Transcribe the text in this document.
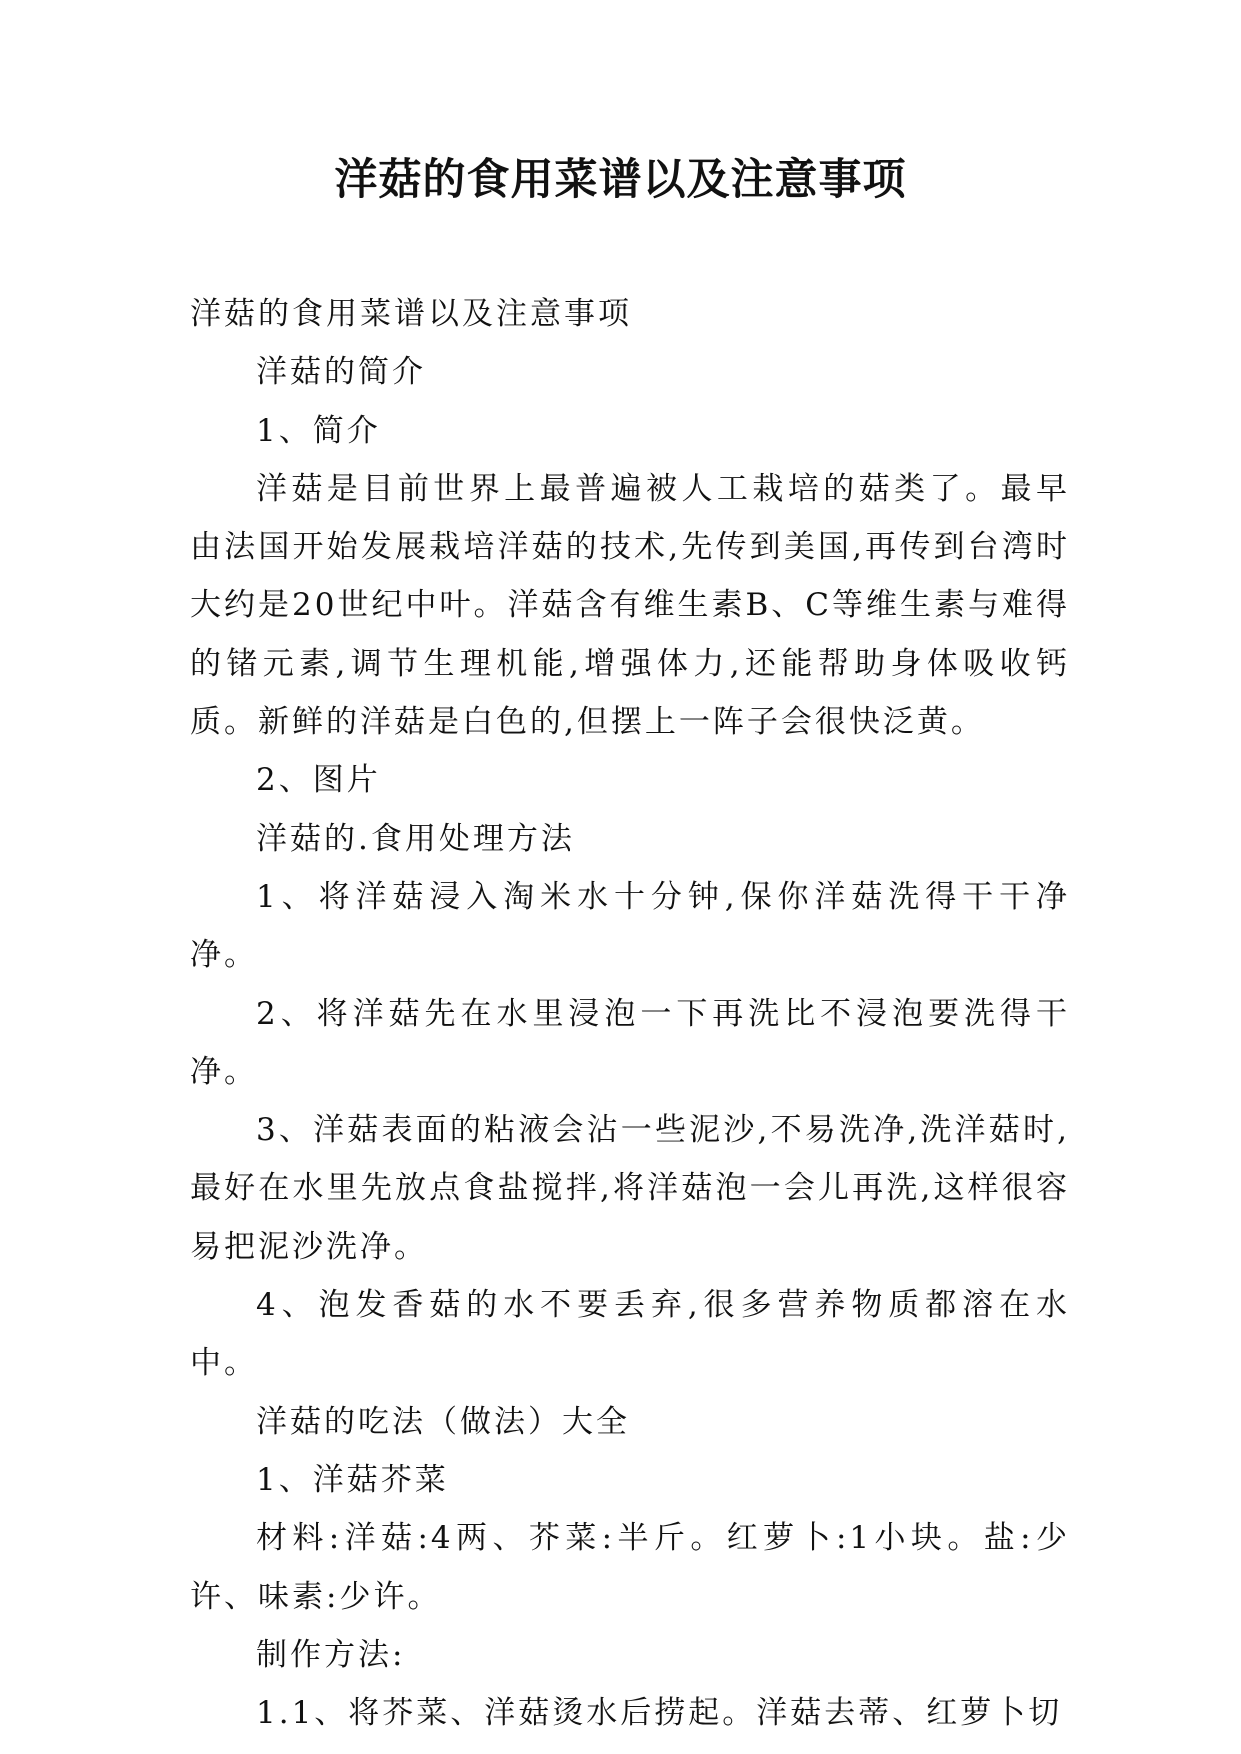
洋菇的食用菜谱以及注意事项

洋菇的食用菜谱以及注意事项

洋菇的简介

1、简介

洋菇是目前世界上最普遍被人工栽培的菇类了。最早由法国开始发展栽培洋菇的技术,先传到美国,再传到台湾时大约是20世纪中叶。洋菇含有维生素B、C等维生素与难得的锗元素,调节生理机能,增强体力,还能帮助身体吸收钙质。新鲜的洋菇是白色的,但摆上一阵子会很快泛黄。

2、图片

洋菇的.食用处理方法

1、将洋菇浸入淘米水十分钟,保你洋菇洗得干干净净。

2、将洋菇先在水里浸泡一下再洗比不浸泡要洗得干净。

3、洋菇表面的粘液会沾一些泥沙,不易洗净,洗洋菇时,最好在水里先放点食盐搅拌,将洋菇泡一会儿再洗,这样很容易把泥沙洗净。

4、泡发香菇的水不要丢弃,很多营养物质都溶在水中。

洋菇的吃法（做法）大全

1、洋菇芥菜

材料:洋菇:4两、芥菜:半斤。红萝卜:1小块。盐:少许、味素:少许。

制作方法:

1.1、将芥菜、洋菇烫水后捞起。洋菇去蒂、红萝卜切
